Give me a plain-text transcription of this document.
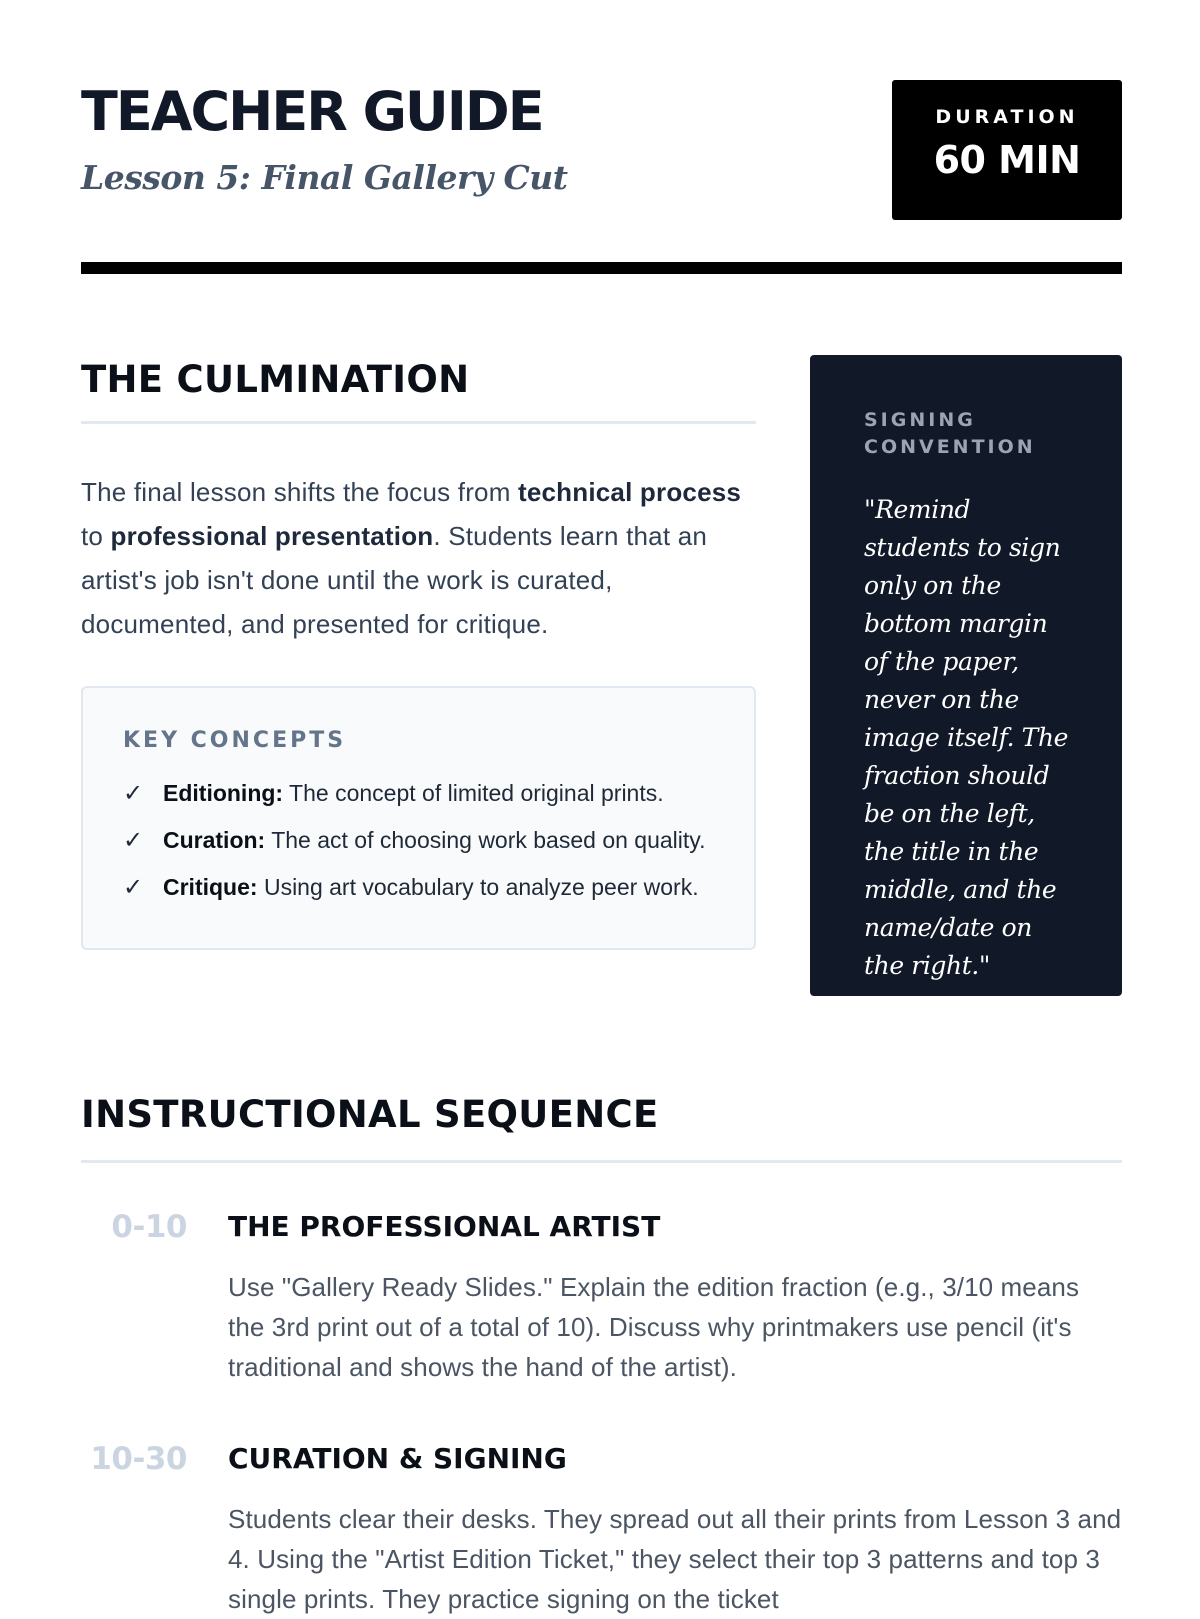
TEACHER GUIDE
Lesson 5: Final Gallery Cut
DURATION
60 MIN
THE CULMINATION
The final lesson shifts the focus from technical process to professional presentation. Students learn that an artist's job isn't done until the work is curated, documented, and presented for critique.
KEY CONCEPTS
✓ Editioning: The concept of limited original prints.
✓ Curation: The act of choosing work based on quality.
✓ Critique: Using art vocabulary to analyze peer work.
SIGNING CONVENTION

"Remind students to sign only on the bottom margin of the paper, never on the image itself. The fraction should be on the left, the title in the middle, and the name/date on the right."

INSTRUCTIONAL SEQUENCE
0-10 THE PROFESSIONAL ARTIST

Use "Gallery Ready Slides." Explain the edition fraction (e.g., 3/10 means the 3rd print out of a total of 10). Discuss why printmakers use pencil (it's traditional and shows the hand of the artist).

10-30 CURATION & SIGNING

Students clear their desks. They spread out all their prints from Lesson 3 and 4. Using the "Artist Edition Ticket," they select their top 3 patterns and top 3 single prints. They practice signing on the ticket
